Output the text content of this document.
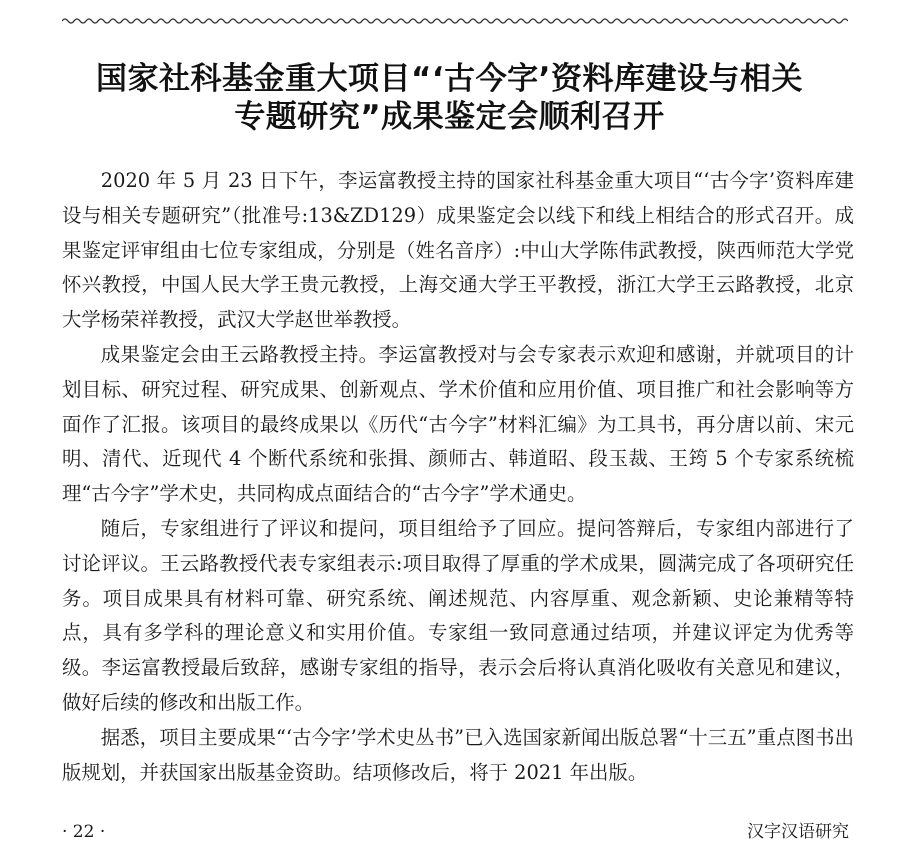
国家社科基金重大项目“‘古今字’资料库建设与相关
专题研究”成果鉴定会顺利召开

2020 年 5 月 23 日下午，李运富教授主持的国家社科基金重大项目“‘古今字’资料库建设与相关专题研究”（批准号:13&ZD129）成果鉴定会以线下和线上相结合的形式召开。成果鉴定评审组由七位专家组成，分别是（姓名音序）:中山大学陈伟武教授，陕西师范大学党怀兴教授，中国人民大学王贵元教授，上海交通大学王平教授，浙江大学王云路教授，北京大学杨荣祥教授，武汉大学赵世举教授。

成果鉴定会由王云路教授主持。李运富教授对与会专家表示欢迎和感谢，并就项目的计划目标、研究过程、研究成果、创新观点、学术价值和应用价值、项目推广和社会影响等方面作了汇报。该项目的最终成果以《历代“古今字”材料汇编》为工具书，再分唐以前、宋元明、清代、近现代 4 个断代系统和张揖、颜师古、韩道昭、段玉裁、王筠 5 个专家系统梳理“古今字”学术史，共同构成点面结合的“古今字”学术通史。

随后，专家组进行了评议和提问，项目组给予了回应。提问答辩后，专家组内部进行了讨论评议。王云路教授代表专家组表示:项目取得了厚重的学术成果，圆满完成了各项研究任务。项目成果具有材料可靠、研究系统、阐述规范、内容厚重、观念新颖、史论兼精等特点，具有多学科的理论意义和实用价值。专家组一致同意通过结项，并建议评定为优秀等级。李运富教授最后致辞，感谢专家组的指导，表示会后将认真消化吸收有关意见和建议，做好后续的修改和出版工作。

据悉，项目主要成果“‘古今字’学术史丛书”已入选国家新闻出版总署“十三五”重点图书出版规划，并获国家出版基金资助。结项修改后，将于 2021 年出版。

· 22 ·	汉字汉语研究
